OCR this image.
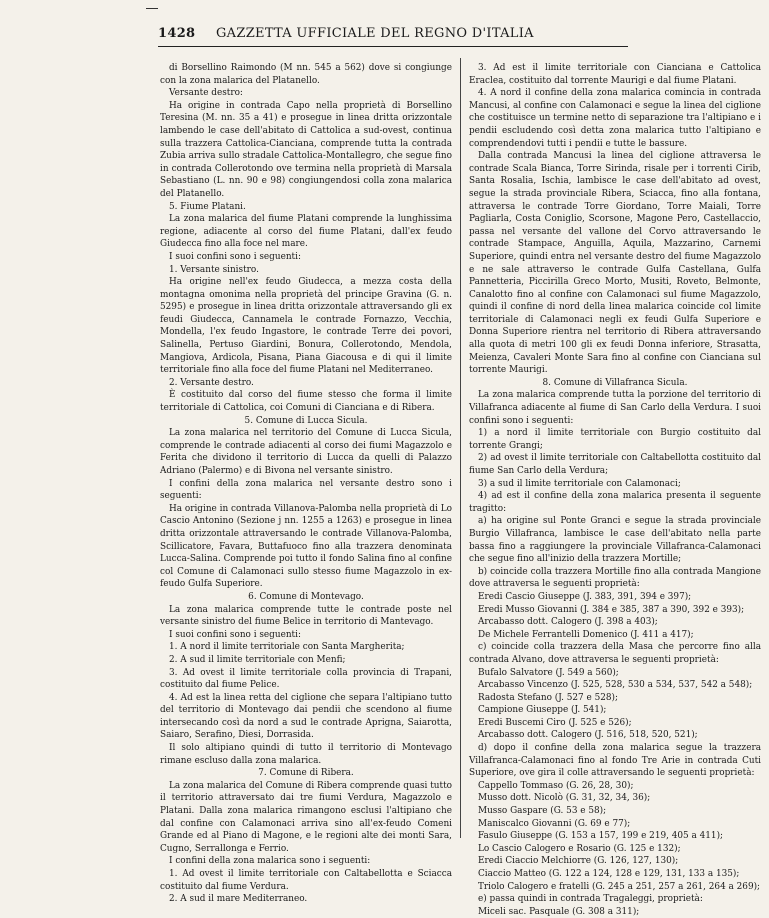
1428 GAZZETTA UFFICIALE DEL REGNO D'ITALIA

di Borsellino Raimondo (M nn. 545 a 562) dove si congiunge con la zona malarica del Platanello.

Versante destro:

Ha origine in contrada Capo nella proprietà di Borsellino Teresina (M. nn. 35 a 41) e prosegue in linea dritta orizzontale lambendo le case dell'abitato di Cattolica a sud-ovest, continua sulla trazzera Cattolica-Cianciana, comprende tutta la contrada Zubia arriva sullo stradale Cattolica-Montallegro, che segue fino in contrada Collerotondo ove termina nella proprietà di Marsala Sebastiano (L. nn. 90 e 98) congiungendosi colla zona malarica del Platanello.

5. Fiume Platani.

La zona malarica del fiume Platani comprende la lunghissima regione, adiacente al corso del fiume Platani, dall'ex feudo Giudecca fino alla foce nel mare.

I suoi confini sono i seguenti:

1. Versante sinistro.

Ha origine nell'ex feudo Giudecca, a mezza costa della montagna omonima nella proprietà del principe Gravina (G. n. 5295) e prosegue in linea dritta orizzontale attraversando gli ex feudi Giudecca, Cannamela le contrade Fornazzo, Vecchia, Mondella, l'ex feudo Ingastore, le contrade Terre dei povori, Salinella, Pertuso Giardini, Bonura, Collerotondo, Mendola, Mangiova, Ardicola, Pisana, Piana Giacousa e di qui il limite territoriale fino alla foce del fiume Platani nel Mediterraneo.

2. Versante destro.

È costituito dal corso del fiume stesso che forma il limite territoriale di Cattolica, coi Comuni di Cianciana e di Ribera.

5. Comune di Lucca Sicula.

La zona malarica nel territorio del Comune di Lucca Sicula, comprende le contrade adiacenti al corso dei fiumi Magazzolo e Ferita che dividono il territorio di Lucca da quelli di Palazzo Adriano (Palermo) e di Bivona nel versante sinistro.

I confini della zona malarica nel versante destro sono i seguenti:

Ha origine in contrada Villanova-Palomba nella proprietà di Lo Cascio Antonino (Sezione j nn. 1255 a 1263) e prosegue in linea dritta orizzontale attraversando le contrade Villanova-Palomba, Scillicatore, Favara, Buttafuoco fino alla trazzera denominata Lucca-Salina. Comprende poi tutto il fondo Salina fino al confine col Comune di Calamonaci sullo stesso fiume Magazzolo in ex-feudo Gulfa Superiore.

6. Comune di Montevago.

La zona malarica comprende tutte le contrade poste nel versante sinistro del fiume Belice in territorio di Mantevago.

I suoi confini sono i seguenti:

1. A nord il limite territoriale con Santa Margherita;

2. A sud il limite territoriale con Menfi;

3. Ad ovest il limite territoriale colla provincia di Trapani, costituito dal fiume Pelice.

4. Ad est la linea retta del ciglione che separa l'altipiano tutto del territorio di Montevago dai pendii che scendono al fiume intersecando così da nord a sud le contrade Aprigna, Saiarotta, Saiaro, Serafino, Diesi, Dorrasida.

Il solo altipiano quindi di tutto il territorio di Montevago rimane escluso dalla zona malarica.

7. Comune di Ribera.

La zona malarica del Comune di Ribera comprende quasi tutto il territorio attraversato dai tre fiumi Verdura, Magazzolo e Platani. Dalla zona malarica rimangono esclusi l'altipiano che dal confine con Calamonaci arriva sino all'ex-feudo Comeni Grande ed al Piano di Magone, e le regioni alte dei monti Sara, Cugno, Serrallonga e Ferrio.

I confini della zona malarica sono i seguenti:

1. Ad ovest il limite territoriale con Caltabellotta e Sciacca costituito dal fiume Verdura.

2. A sud il mare Mediterraneo.

3. Ad est il limite territoriale con Cianciana e Cattolica Eraclea, costituito dal torrente Maurigi e dal fiume Platani.

4. A nord il confine della zona malarica comincia in contrada Mancusi, al confine con Calamonaci e segue la linea del ciglione che costituisce un termine netto di separazione tra l'altipiano e i pendii escludendo così detta zona malarica tutto l'altipiano e comprendendovi tutti i pendii e tutte le bassure.

Dalla contrada Mancusi la linea del ciglione attraversa le contrade Scala Bianca, Torre Sirinda, risale per i torrenti Cirib, Santa Rosalia, Ischia, lambisce le case dell'abitato ad ovest, segue la strada provinciale Ribera, Sciacca, fino alla fontana, attraversa le contrade Torre Giordano, Torre Maiali, Torre Pagliarla, Costa Coniglio, Scorsone, Magone Pero, Castellaccio, passa nel versante del vallone del Corvo attraversando le contrade Stampace, Anguilla, Aquila, Mazzarino, Carnemi Superiore, quindi entra nel versante destro del fiume Magazzolo e ne sale attraverso le contrade Gulfa Castellana, Gulfa Pannetteria, Piccirilla Greco Morto, Musiti, Roveto, Belmonte, Canalotto fino al confine con Calamonaci sul fiume Magazzolo, quindi il confine di nord della linea malarica coincide col limite territoriale di Calamonaci negli ex feudi Gulfa Superiore e Donna Superiore rientra nel territorio di Ribera attraversando alla quota di metri 100 gli ex feudi Donna inferiore, Strasatta, Meienza, Cavaleri Monte Sara fino al confine con Cianciana sul torrente Maurigi.

8. Comune di Villafranca Sicula.

La zona malarica comprende tutta la porzione del territorio di Villafranca adiacente al fiume di San Carlo della Verdura. I suoi confini sono i seguenti:

1) a nord il limite territoriale con Burgio costituito dal torrente Grangi;

2) ad ovest il limite territoriale con Caltabellotta costituito dal fiume San Carlo della Verdura;

3) a sud il limite territoriale con Calamonaci;

4) ad est il confine della zona malarica presenta il seguente tragitto:

a) ha origine sul Ponte Granci e segue la strada provinciale Burgio Villafranca, lambisce le case dell'abitato nella parte bassa fino a raggiungere la provinciale Villafranca-Calamonaci che segue fino all'inizio della trazzera Mortille;

b) coincide colla trazzera Mortille fino alla contrada Mangione dove attraversa le seguenti proprietà:

Eredi Cascio Giuseppe (J. 383, 391, 394 e 397);

Eredi Musso Giovanni (J. 384 e 385, 387 a 390, 392 e 393);

Arcabasso dott. Calogero (J. 398 a 403);

De Michele Ferrantelli Domenico (J. 411 a 417);

c) coincide colla trazzera della Masa che percorre fino alla contrada Alvano, dove attraversa le seguenti proprietà:

Bufalo Salvatore (J. 549 a 560);

Arcabasso Vincenzo (J. 525, 528, 530 a 534, 537, 542 a 548);

Radosta Stefano (J. 527 e 528);

Campione Giuseppe (J. 541);

Eredi Buscemi Ciro (J. 525 e 526);

Arcabasso dott. Calogero (J. 516, 518, 520, 521);

d) dopo il confine della zona malarica segue la trazzera Villafranca-Calamonaci fino al fondo Tre Arie in contrada Cuti Superiore, ove gira il colle attraversando le seguenti proprietà:

Cappello Tommaso (G. 26, 28, 30);

Musso dott. Nicolò (G. 31, 32, 34, 36);

Musso Gaspare (G. 53 e 58);

Maniscalco Giovanni (G. 69 e 77);

Fasulo Giuseppe (G. 153 a 157, 199 e 219, 405 a 411);

Lo Cascio Calogero e Rosario (G. 125 e 132);

Eredi Ciaccio Melchiorre (G. 126, 127, 130);

Ciaccio Matteo (G. 122 a 124, 128 e 129, 131, 133 a 135);

Triolo Calogero e fratelli (G. 245 a 251, 257 a 261, 264 a 269);

e) passa quindi in contrada Tragaleggi, proprietà:

Miceli sac. Pasquale (G. 308 a 311);
